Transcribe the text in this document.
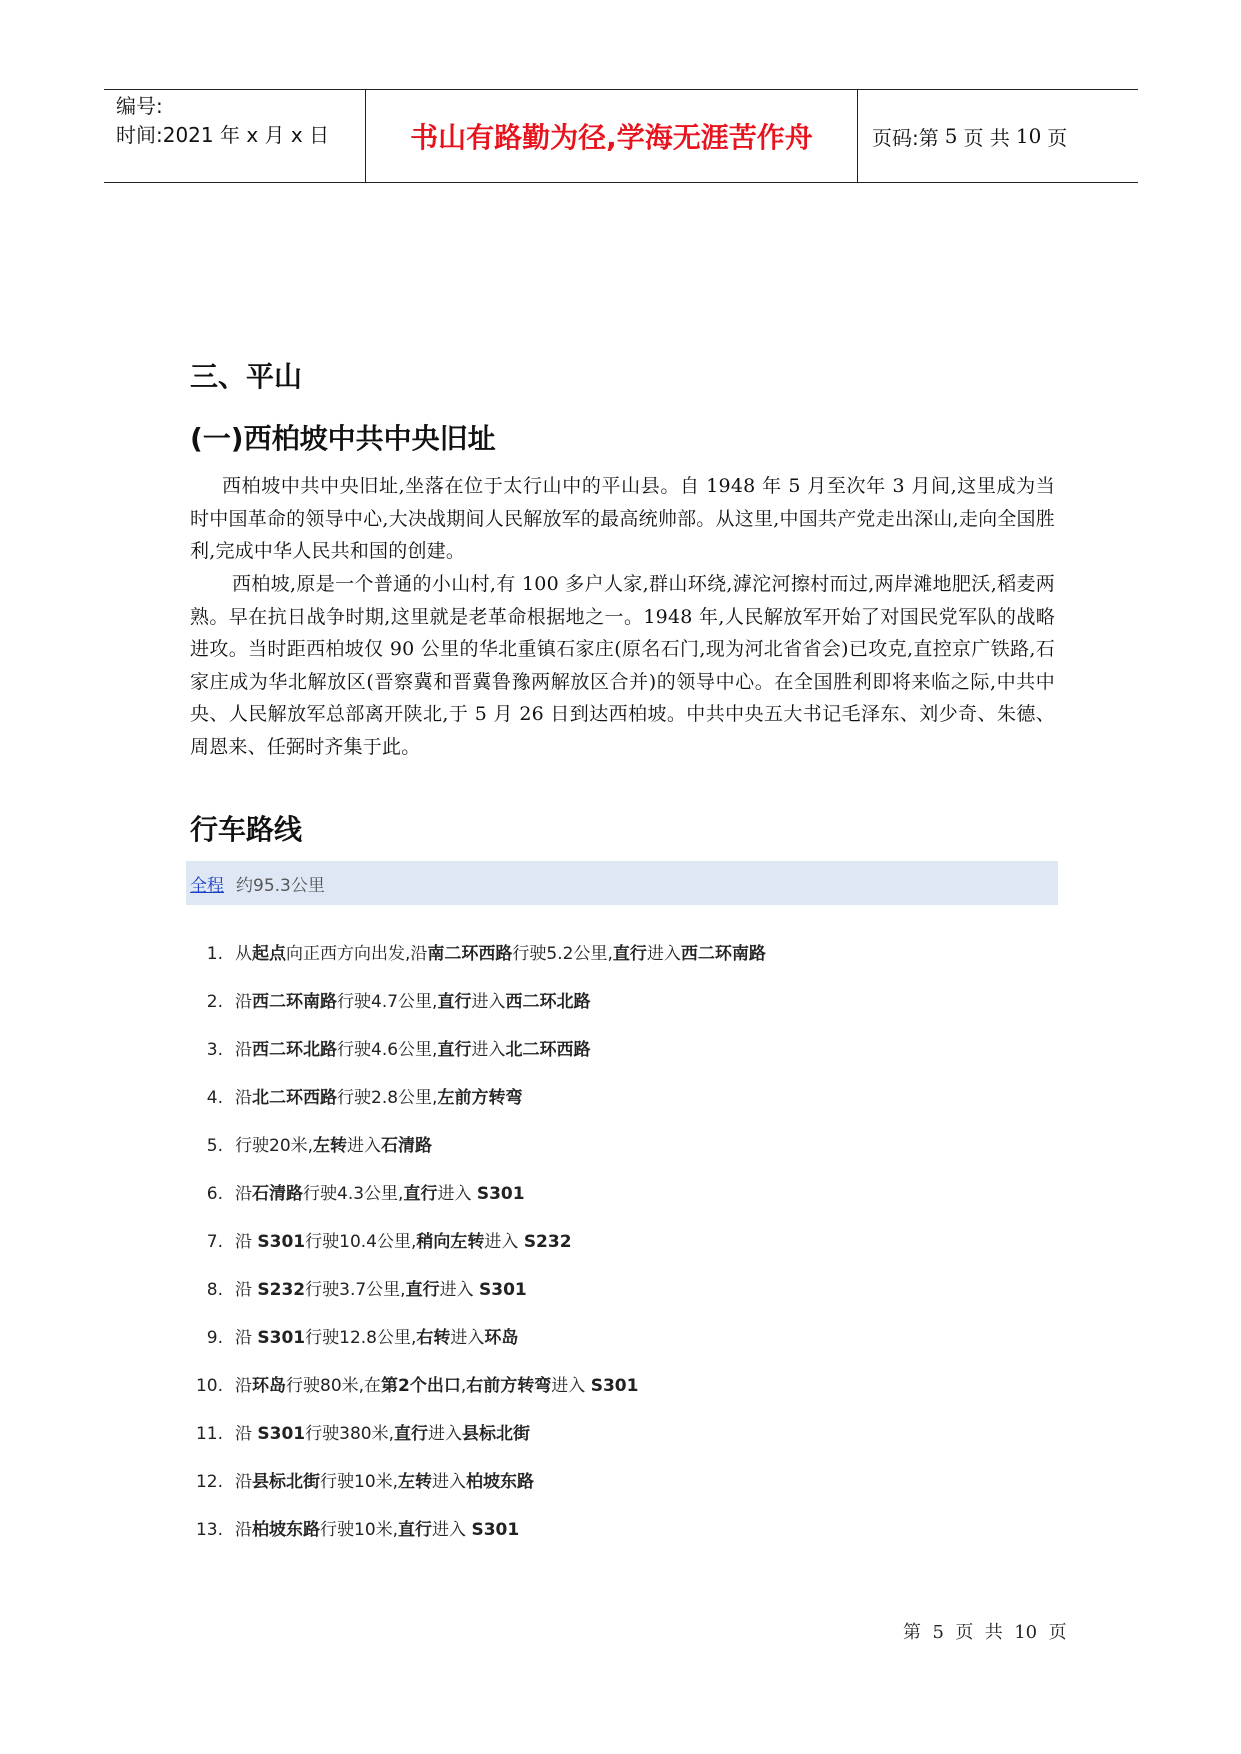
编号:
时间:2021 年 x 月 x 日	书山有路勤为径,学海无涯苦作舟	页码:第 5 页 共 10 页
三、平山
(一)西柏坡中共中央旧址

西柏坡中共中央旧址,坐落在位于太行山中的平山县。自 1948 年 5 月至次年 3 月间,这里成为当时中国革命的领导中心,大决战期间人民解放军的最高统帅部。从这里,中国共产党走出深山,走向全国胜利,完成中华人民共和国的创建。

西柏坡,原是一个普通的小山村,有 100 多户人家,群山环绕,滹沱河擦村而过,两岸滩地肥沃,稻麦两熟。早在抗日战争时期,这里就是老革命根据地之一。1948 年,人民解放军开始了对国民党军队的战略进攻。当时距西柏坡仅 90 公里的华北重镇石家庄(原名石门,现为河北省省会)已攻克,直控京广铁路,石家庄成为华北解放区(晋察冀和晋冀鲁豫两解放区合并)的领导中心。在全国胜利即将来临之际,中共中央、人民解放军总部离开陕北,于 5 月 26 日到达西柏坡。中共中央五大书记毛泽东、刘少奇、朱德、周恩来、任弼时齐集于此。

行车路线
全程 约95.3公里
1. 从起点向正西方向出发,沿南二环西路行驶5.2公里,直行进入西二环南路
2. 沿西二环南路行驶4.7公里,直行进入西二环北路
3. 沿西二环北路行驶4.6公里,直行进入北二环西路
4. 沿北二环西路行驶2.8公里,左前方转弯
5. 行驶20米,左转进入石清路
6. 沿石清路行驶4.3公里,直行进入 S301
7. 沿 S301行驶10.4公里,稍向左转进入 S232
8. 沿 S232行驶3.7公里,直行进入 S301
9. 沿 S301行驶12.8公里,右转进入环岛
10. 沿环岛行驶80米,在第2个出口,右前方转弯进入 S301
11. 沿 S301行驶380米,直行进入县标北街
12. 沿县标北街行驶10米,左转进入柏坡东路
13. 沿柏坡东路行驶10米,直行进入 S301
第  5  页  共  10  页
